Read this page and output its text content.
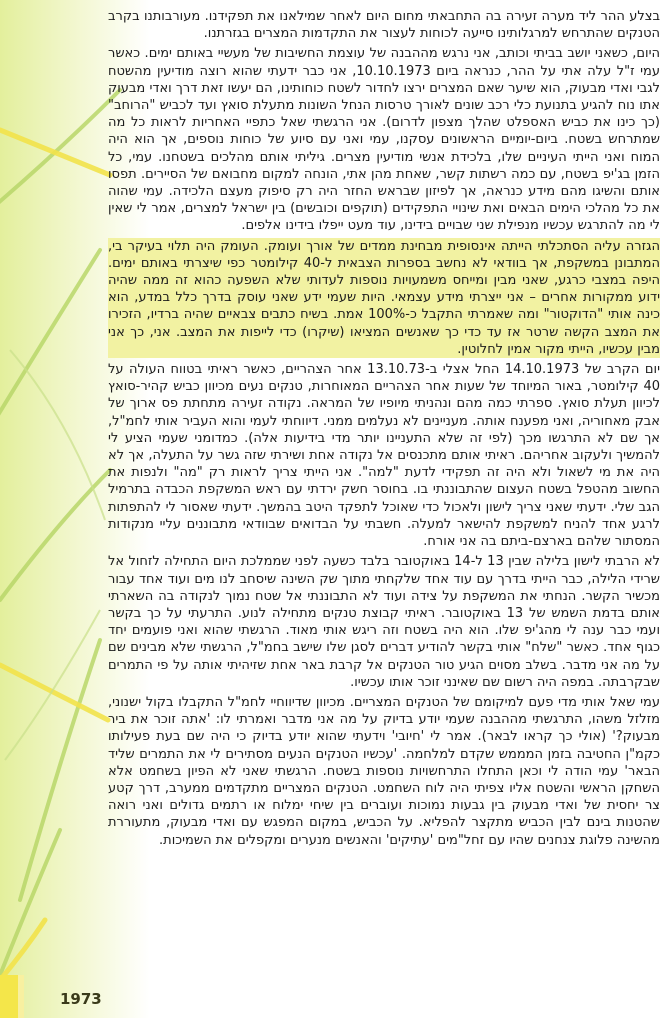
בצלע ההר ליד מערה זעירה בה התחבאתי מחום היום לאחר שמילאנו את תפקידנו. מעורבותנו בקרב הטנקים שהתרחש למרגלותינו סייעה לכוחות לעצור את התקדמות המצרים בגזרתנו.

היום, כשאני יושב בביתי וכותב, אני נרגש מההבנה של עוצמת החשיבות של מעשיי באותם ימים. כאשר עמי ז"ל עלה אתי על ההר, כנראה ביום 10.10.1973, אני כבר ידעתי שהוא רוצה מודיעין מהשטח לגבי ואדי מבעוק, הוא שיער שאם המצרים ירצו לחדור לשטח כוחותינו, הם יעשו זאת דרך ואדי מבעוק אתו נוח להגיע בתנועת כלי רכב שונים לאורך טרסות הנחל השונות מתעלת סואץ ועד לכביש "הרוחב" (כך כינו את כביש האספלט שהלך מצפון לדרום). אני הרגשתי שאל כתפיי האחריות לראות כל מה שמתרחש בשטח. ביום-יומיים הראשונים עסקנו, עמי ואני עם סיוע של כוחות נוספים, אך הוא היה המוח ואני הייתי העיניים שלו, בלכידת אנשי מודיעין מצרים. גיליתי אותם מהלכים בשטחנו. עמי, כל הזמן בג'יפ בשטח, עם כמה רשתות קשר, שאחת מהן אתי, הונחה למקום מחבואם של הסיירים. תפסו אותם והשיגו מהם מידע כנראה, אך לפיזון שבראש החזר היה רק סיפוק מעצם הלכידה. עמי שהוה את כל מהלכי הימים הבאים ואת שינויי התפקידים (תוקפים וכובשים) בין ישראל למצרים, אמר לי שאין לי מה להתרגש עכשיו מנפילת שני שבויים בידינו, עוד מעט ייפלו בידינו אלפים.

הגזרה עליה הסתכלתי הייתה אינסופית מבחינת ממדים של אורך ועומק. העומק היה תלוי בעיקר בי, המתבונן במשקפת, אך בוודאי לא נחשב בספרות הצבאית ל-40 קילומטר כפי שיצרתי באותם ימים. היפה במצבי כרגע, שאני מבין ומייחס משמעויות נוספות לעדותי שלא השפעה כהוא זה ממה שהיה ידוע ממקורות אחרים – אני ייצרתי מידע עצמאי. היות שעמי ידע שאני עוסק בדרך כלל במדע, הוא כינה אותי "הדוקטור" ומה שאמרתי התקבל כ-100% אמת. בשיח כתבים צבאיים שהיה ברדיו, הזכירו את המצב הקשה שרטר אז עד כדי כך שאנשים המציאו (שיקרו) כדי לייפות את המצב. אני, כך אני מבין עכשיו, הייתי מקור אמין לחלוטין.

יום הקרב של 14.10.1973 החל אצלי ב-13.10.73 אחר הצהריים, כאשר ראיתי בטווח העולה על 40 קילומטר, באור המיוחד של שעות אחר הצהריים המאוחרות, טנקים נעים מכיוון כביש קהיר-סואץ לכיוון תעלת סואץ. ספרתי כמה מהם ונהניתי מיופיו של המראה. נקודה זעירה מתחתת פס ארוך של אבק מאחוריה, ואני מפענח אותה. מעניינים לא נעלמים ממני. דיווחתי לעמי והוא העביר אותי לחמ"ל, אך שם לא התרגשו מכך (לפי זה שלא התעניינו יותר מדי בידיעות אלה). כמדומני שעמי הציע לי להמשיך ולעקוב אחריהם. ראיתי אותם מתכנסים אל נקודה אחת ושירתי שזה גשר על התעלה, אך לא היה את מי לשאול ולא היה זה תפקידי לדעת "למה". אני הייתי צריך לראות רק "מה" ולנפות את החשוב מהטפל בשטח העצום שהתבוננתי בו. בחוסר חשק ירדתי עם ראש המשקפת הכבדה בתרמיל הגב שלי. ידעתי שאני צריך לישון ולאכול כדי שאוכל לתפקד היטב בהמשך. ידעתי שאסור לי להתפתות לרגע אחד להניח למשקפת להישאר למעלה. חשבתי על הבדואים שבוודאי מתבוננים עליי מנקודות המסתור שלהם בארצם-ביתם בה אני אורח.

לא הרבתי לישון בלילה שבין 13 ל-14 באוקטובר בלבד כשעה לפני שממלכת היום התחילה לזחול אל שרידי הלילה, כבר הייתי בדרך עם עוד אחד שלקחתי מתוך שק השינה שיסחב לנו מים ועוד אחד עבור מכשיר הקשר. הנחתי את המשקפת על צידה ועוד לא התבוננתי אל שטח נמוך לנקודה בה השארתי אותם בדמת השמש של 13 באוקטובר. ראיתי קבוצת טנקים מתחילה לנוע. התרעתי על כך בקשר ועמי כבר ענה לי מהג'יפ שלו. הוא היה בשטח וזה ריגש אותי מאוד. הרגשתי שהוא ואני פועמים יחד כגוף אחד. כאשר "שלח" אותי בקשר להודיע דברים לסגן שלו שישב בחמ"ל, הרגשתי שלא מבינים שם על מה אני מדבר. בשלב מסוים הגיע טור הטנקים אל קרבת באר אחת שזיהיתי אותה על פי התמרים שבקרבתה. במפה היה רשום שם שאינני זוכר אותו עכשיו.

עמי שאל אותי מדי פעם למיקומם של הטנקים המצריים. מכיוון שדיווחיי לחמ"ל התקבלו בקול ישנוני, מזלזל משהו, התרגשתי מההבנה שעמי יודע בדיוק על מה אני מדבר ואמרתי לו: 'אתה זוכר את ביר מבעוק?' (אולי כך קראו לבאר). אמר לי 'חיובי' וידעתי שהוא יודע בדיוק כי היה שם בעת פעילותו כקמ"ן החטיבה בזמן המממש שקדם למלחמה. 'עכשיו הטנקים הנעים מסתירים לי את התמרים שליד הבאר' עמי הודה לי וכאן התחלו התרחשויות נוספות בשטח. הרגשתי שאני לא הפיון בשחמט אלא השחקן הראשי והשטח אליו צפיתי היה לוח השחמט. הטנקים המצריים מתקדמים ממערב, דרך קטע צר יחסית של ואדי מבעוק בין גבעות נמוכות ועוברים בין שיחי ימלוח או רתמים גדולים ואני רואה שהטנות בינם לבין הכביש מתקצר להפליא. על הכביש, במקום המפגש עם ואדי מבעוק, מתעוררת מהשינה פלוגת צנחנים שהיו עם זחל"מים 'עתיקים' והאנשים מנערים ומקפלים את השמיכות.

1973
